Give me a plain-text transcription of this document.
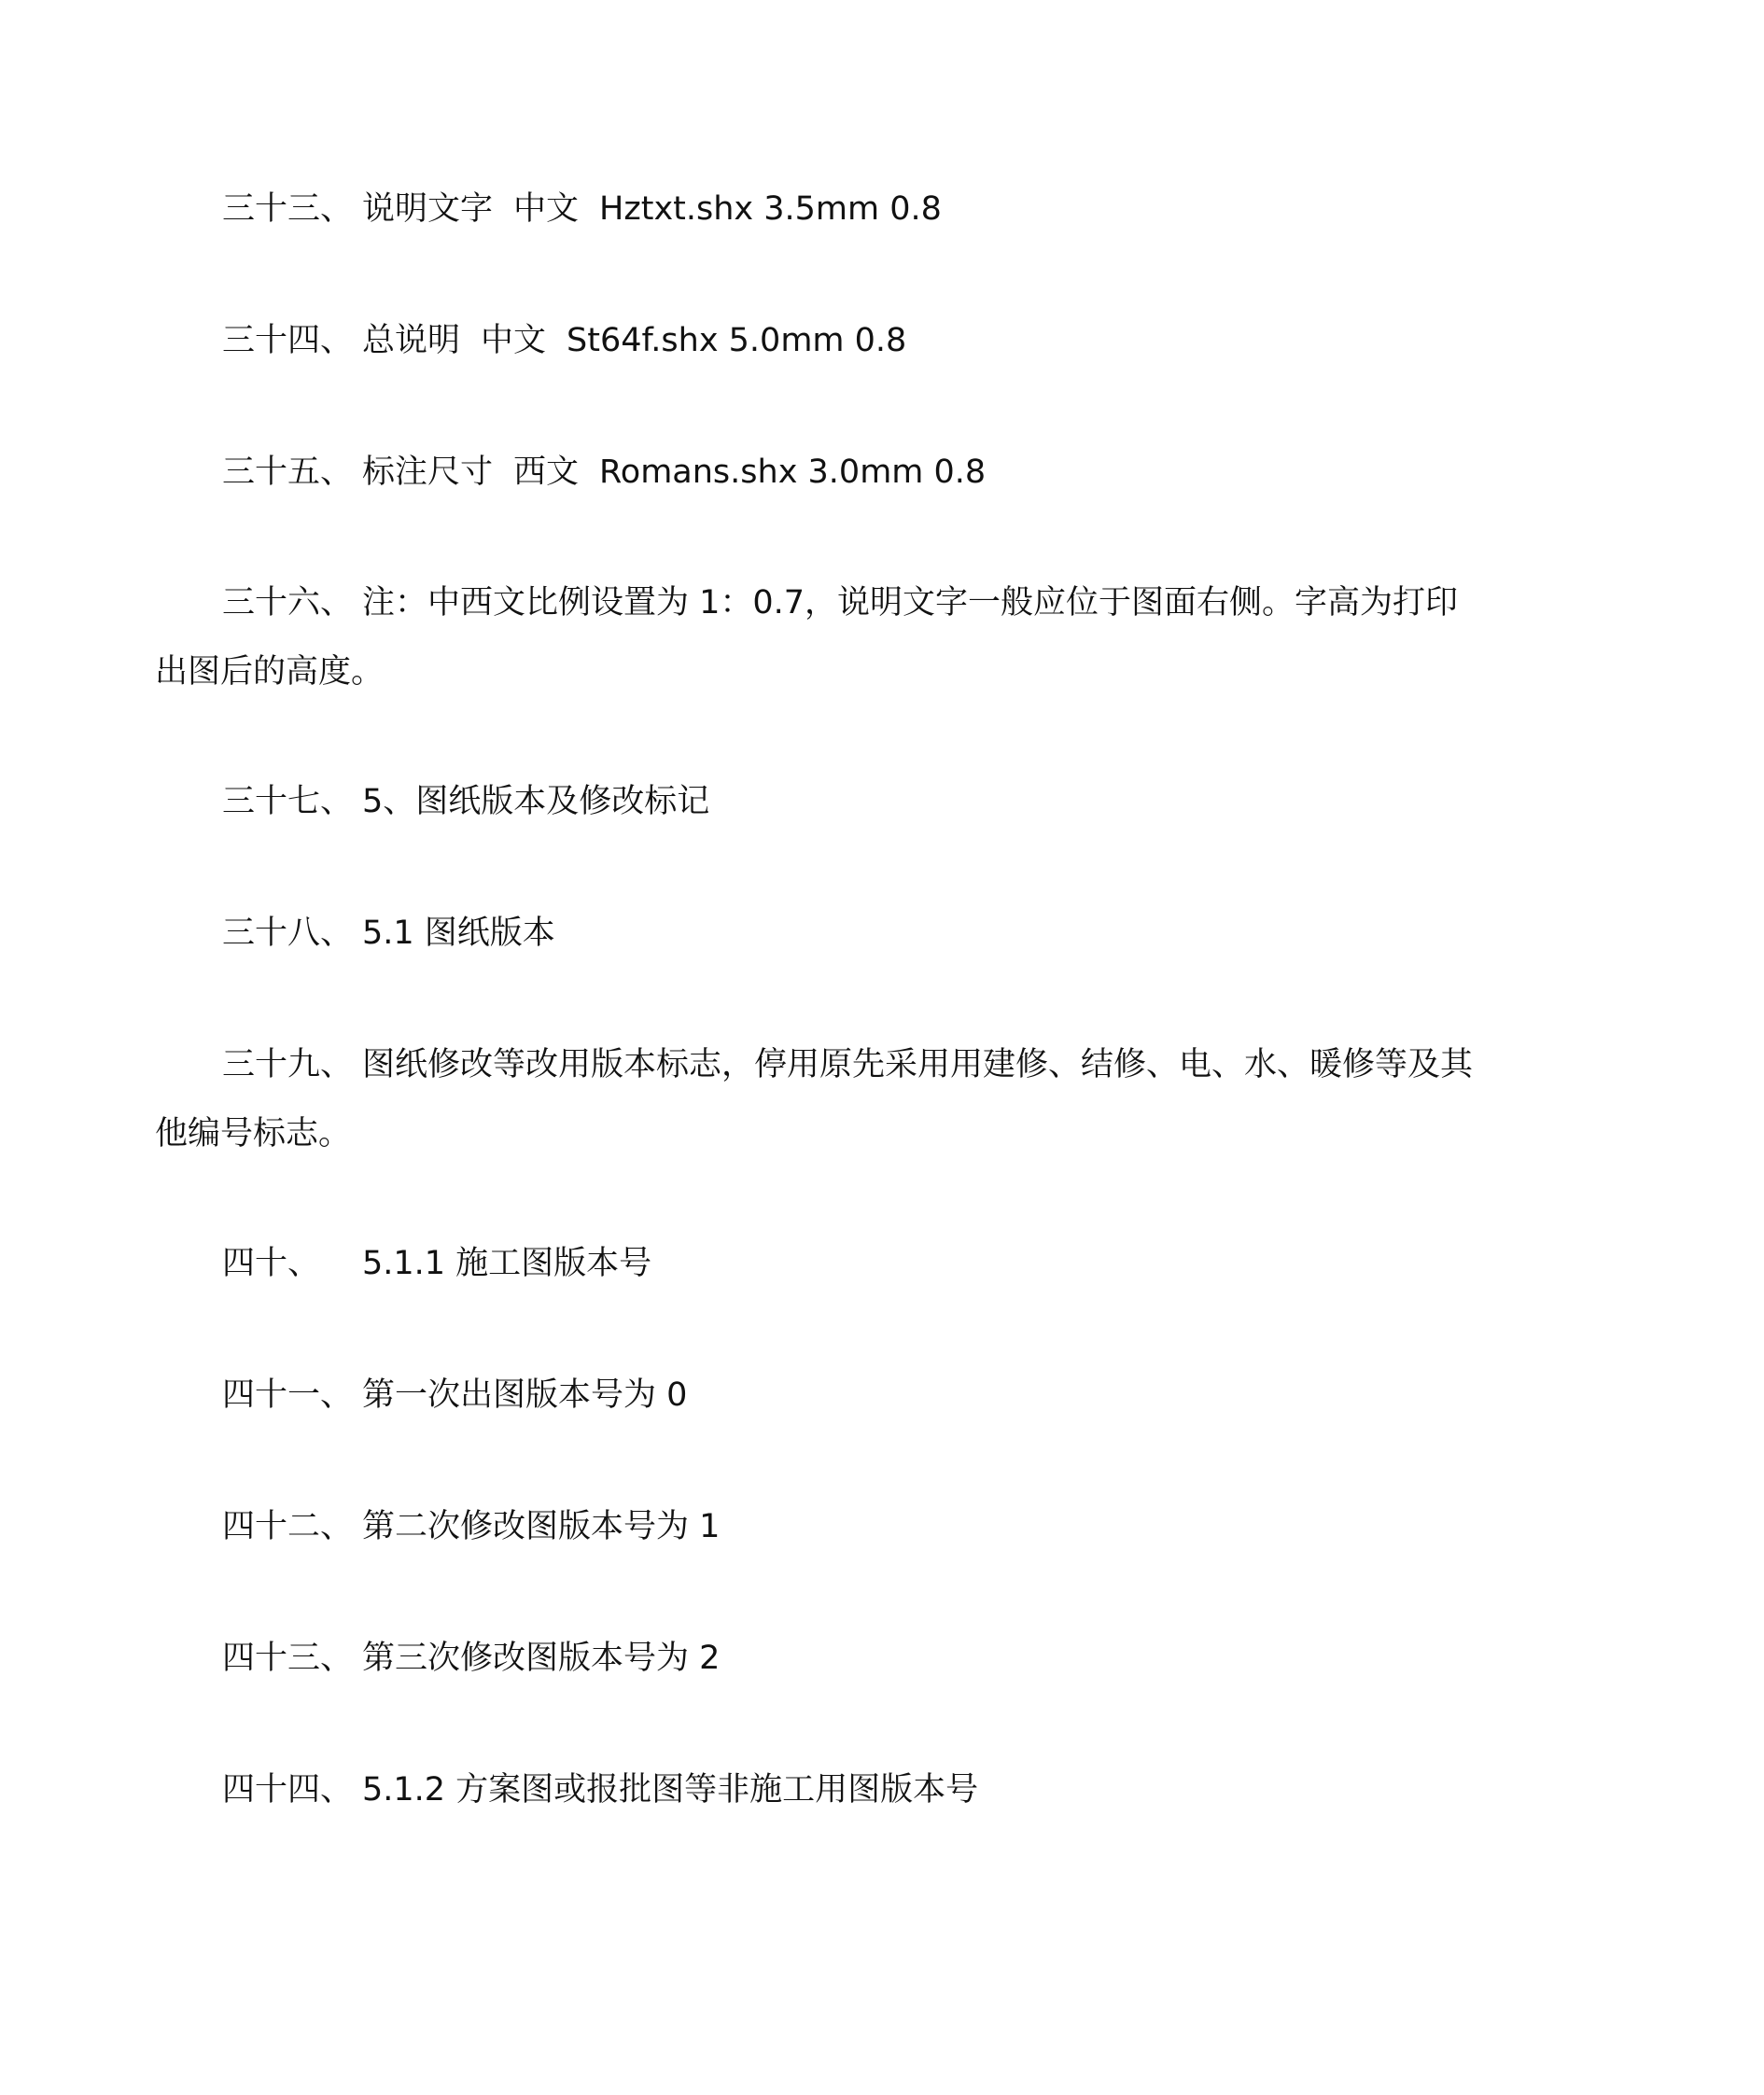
三十三、 说明文字 中文 Hztxt.shx 3.5mm 0.8
三十四、 总说明 中文 St64f.shx 5.0mm 0.8
三十五、 标注尺寸 西文 Romans.shx 3.0mm 0.8
三十六、 注：中西文比例设置为 1：0.7，说明文字一般应位于图面右侧。字高为打印出图后的高度。
三十七、 5、图纸版本及修改标记
三十八、 5.1 图纸版本
三十九、 图纸修改等改用版本标志，停用原先采用用建修、结修、电、水、暖修等及其他编号标志。
四十、 5.1.1 施工图版本号
四十一、 第一次出图版本号为 0
四十二、 第二次修改图版本号为 1
四十三、 第三次修改图版本号为 2
四十四、 5.1.2 方案图或报批图等非施工用图版本号
